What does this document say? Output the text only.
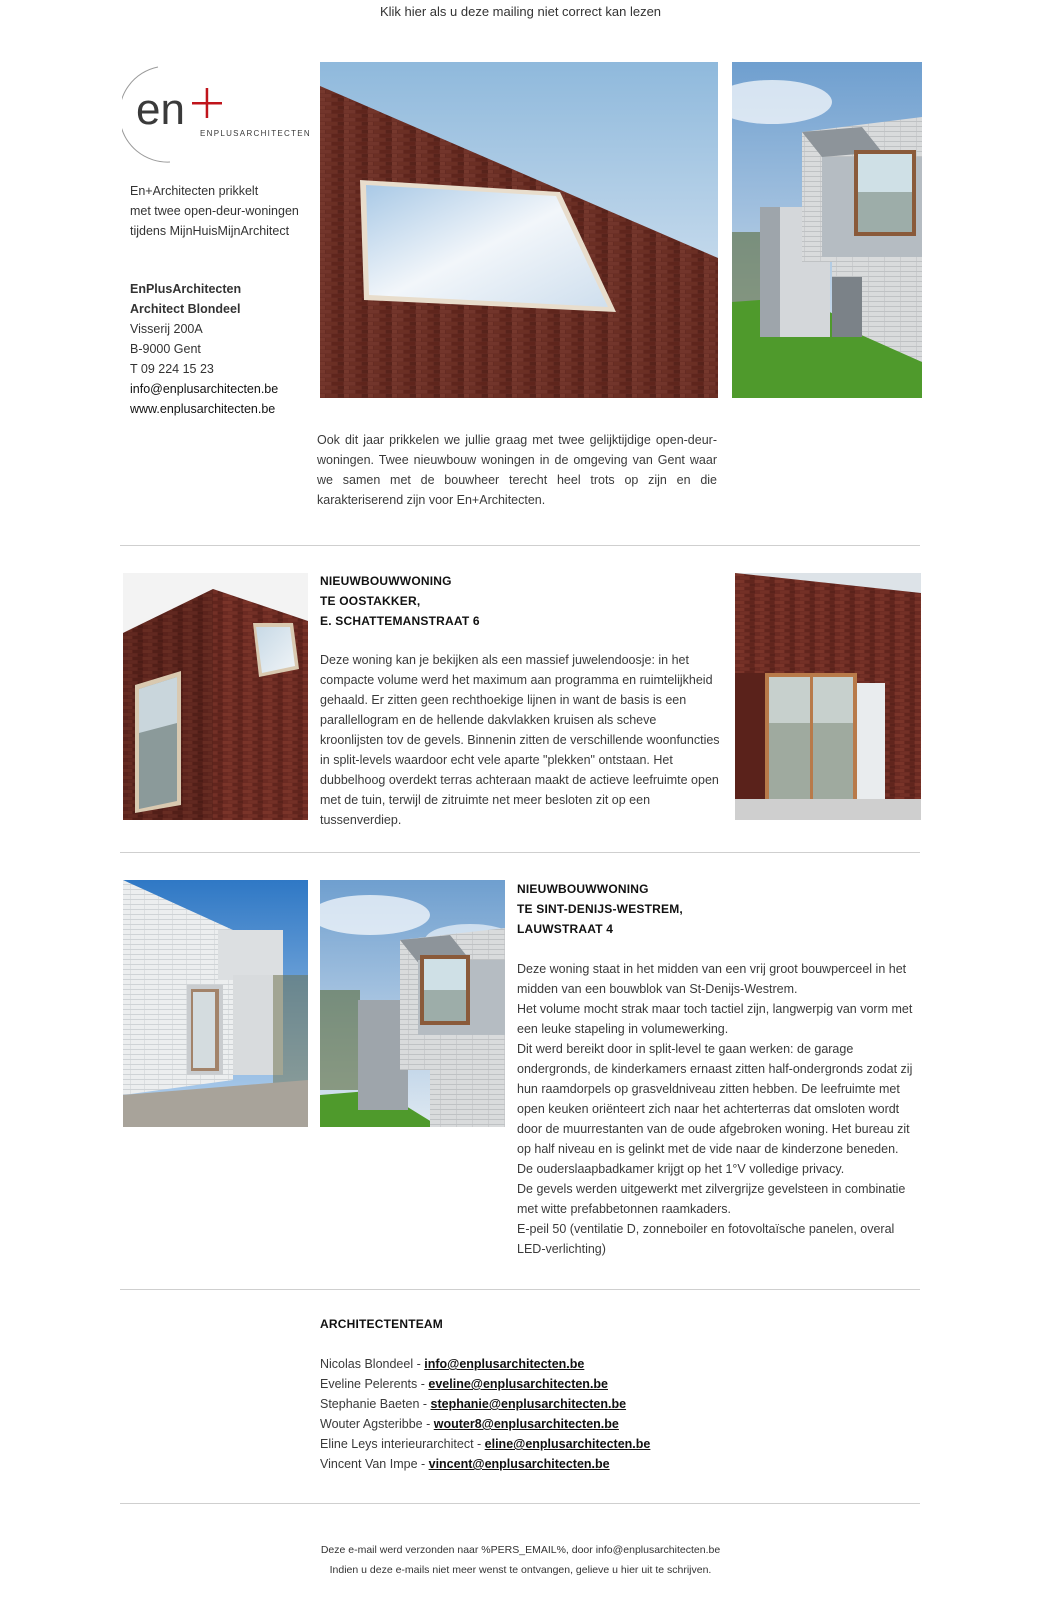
Klik hier als u deze mailing niet correct kan lezen
en ENPLUSARCHITECTEN
En+Architecten prikkelt
met twee open-deur-woningen
tijdens MijnHuisMijnArchitect
EnPlusArchitecten
Architect Blondeel
Visserij 200A
B-9000 Gent
T 09 224 15 23
info@enplusarchitecten.be
www.enplusarchitecten.be
Ook dit jaar prikkelen we jullie graag met twee gelijktijdige open-deur-woningen. Twee nieuwbouw woningen in de omgeving van Gent waar we samen met de bouwheer terecht heel trots op zijn en die karakteriserend zijn voor En+Architecten.
NIEUWBOUWWONING
TE OOSTAKKER,
E. SCHATTEMANSTRAAT 6
Deze woning kan je bekijken als een massief juwelendoosje: in het compacte volume werd het maximum aan programma en ruimtelijkheid gehaald. Er zitten geen rechthoekige lijnen in want de basis is een parallellogram en de hellende dakvlakken kruisen als scheve kroonlijsten tov de gevels. Binnenin zitten de verschillende woonfuncties in split-levels waardoor echt vele aparte "plekken" ontstaan. Het dubbelhoog overdekt terras achteraan maakt de actieve leefruimte open met de tuin, terwijl de zitruimte net meer besloten zit op een tussenverdiep.
NIEUWBOUWWONING
TE SINT-DENIJS-WESTREM,
LAUWSTRAAT 4
Deze woning staat in het midden van een vrij groot bouwperceel in het midden van een bouwblok van St-Denijs-Westrem.
Het volume mocht strak maar toch tactiel zijn, langwerpig van vorm met een leuke stapeling in volumewerking.
Dit werd bereikt door in split-level te gaan werken: de garage ondergronds, de kinderkamers ernaast zitten half-ondergronds zodat zij hun raamdorpels op grasveldniveau zitten hebben. De leefruimte met open keuken oriënteert zich naar het achterterras dat omsloten wordt door de muurrestanten van de oude afgebroken woning. Het bureau zit op half niveau en is gelinkt met de vide naar de kinderzone beneden. De ouderslaapbadkamer krijgt op het 1°V volledige privacy.
De gevels werden uitgewerkt met zilvergrijze gevelsteen in combinatie met witte prefabbetonnen raamkaders.
E-peil 50 (ventilatie D, zonneboiler en fotovoltaïsche panelen, overal LED-verlichting)
ARCHITECTENTEAM
Nicolas Blondeel - info@enplusarchitecten.be
Eveline Pelerents - eveline@enplusarchitecten.be
Stephanie Baeten - stephanie@enplusarchitecten.be
Wouter Agsteribbe - wouter8@enplusarchitecten.be
Eline Leys interieurarchitect - eline@enplusarchitecten.be
Vincent Van Impe - vincent@enplusarchitecten.be
Deze e-mail werd verzonden naar %PERS_EMAIL%, door info@enplusarchitecten.be
Indien u deze e-mails niet meer wenst te ontvangen, gelieve u hier uit te schrijven.
